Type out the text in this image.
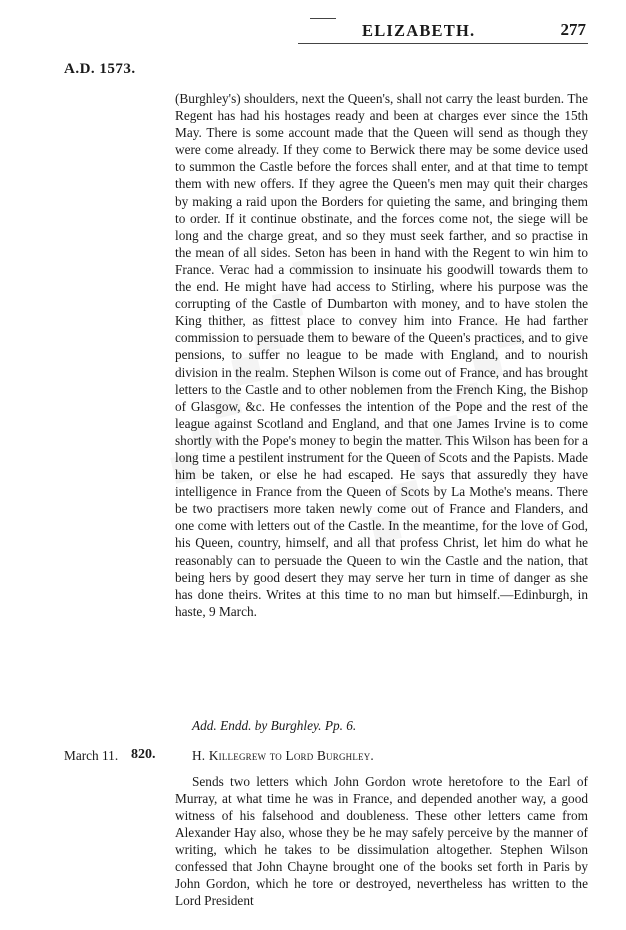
ELIZABETH.	277
A.D. 1573.

(Burghley's) shoulders, next the Queen's, shall not carry the least burden. The Regent has had his hostages ready and been at charges ever since the 15th May. There is some account made that the Queen will send as though they were come already. If they come to Berwick there may be some device used to summon the Castle before the forces shall enter, and at that time to tempt them with new offers. If they agree the Queen's men may quit their charges by making a raid upon the Borders for quieting the same, and bringing them to order. If it continue obstinate, and the forces come not, the siege will be long and the charge great, and so they must seek farther, and so practise in the mean of all sides. Seton has been in hand with the Regent to win him to France. Verac had a commission to insinuate his goodwill towards them to the end. He might have had access to Stirling, where his purpose was the corrupting of the Castle of Dumbarton with money, and to have stolen the King thither, as fittest place to convey him into France. He had farther commission to persuade them to beware of the Queen's practices, and to give pensions, to suffer no league to be made with England, and to nourish division in the realm. Stephen Wilson is come out of France, and has brought letters to the Castle and to other noblemen from the French King, the Bishop of Glasgow, &c. He confesses the intention of the Pope and the rest of the league against Scotland and England, and that one James Irvine is to come shortly with the Pope's money to begin the matter. This Wilson has been for a long time a pestilent instrument for the Queen of Scots and the Papists. Made him be taken, or else he had escaped. He says that assuredly they have intelligence in France from the Queen of Scots by La Mothe's means. There be two practisers more taken newly come out of France and Flanders, and one come with letters out of the Castle. In the meantime, for the love of God, his Queen, country, himself, and all that profess Christ, let him do what he reasonably can to persuade the Queen to win the Castle and the nation, that being hers by good desert they may serve her turn in time of danger as she has done theirs. Writes at this time to no man but himself.—Edinburgh, in haste, 9 March.

Add. Endd. by Burghley. Pp. 6.
March 11. 820.	H. Killegrew to Lord Burghley.

Sends two letters which John Gordon wrote heretofore to the Earl of Murray, at what time he was in France, and depended another way, a good witness of his falsehood and doubleness. These other letters came from Alexander Hay also, whose they be he may safely perceive by the manner of writing, which he takes to be dissimulation altogether. Stephen Wilson confessed that John Chayne brought one of the books set forth in Paris by John Gordon, which he tore or destroyed, nevertheless has written to the Lord President
